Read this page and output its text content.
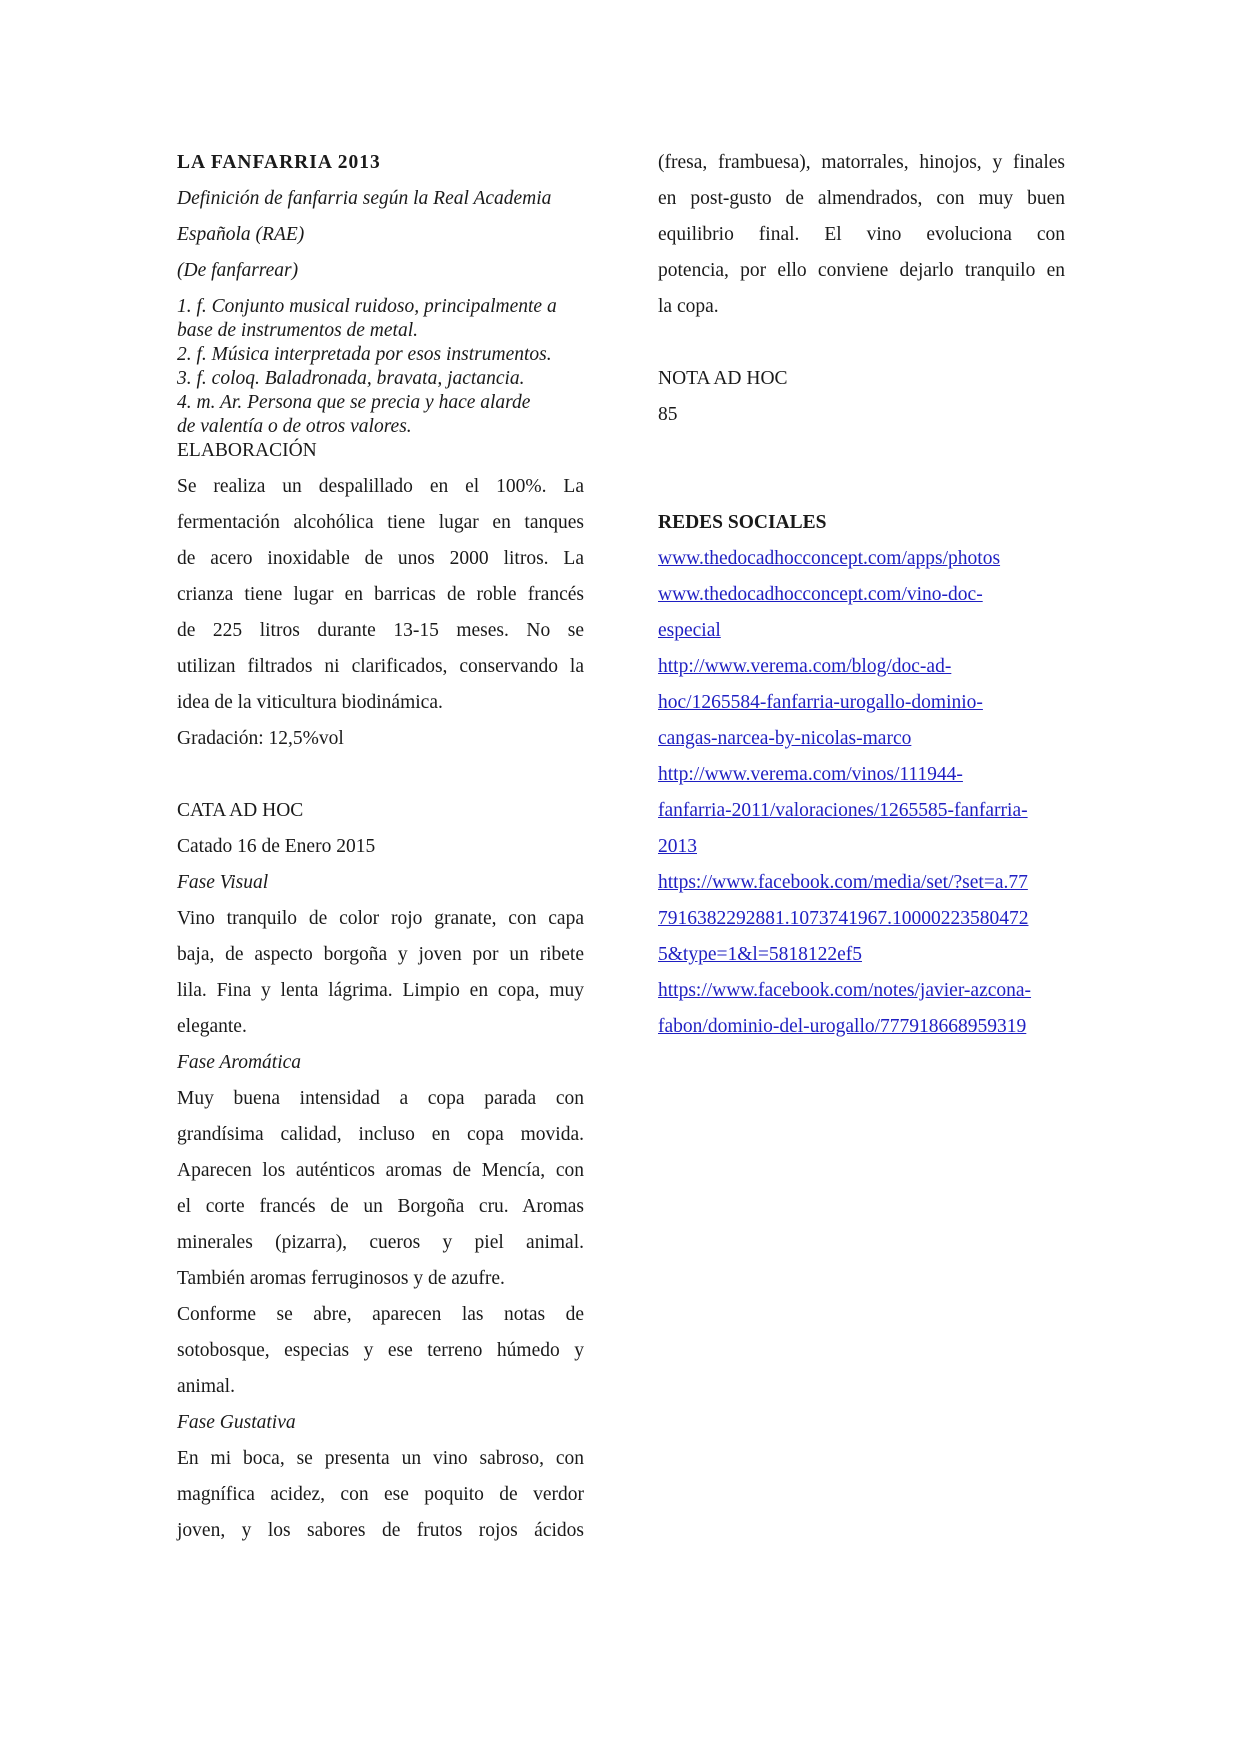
LA FANFARRIA 2013
Definición de fanfarria según la Real Academia
Española (RAE)
(De fanfarrear)
1. f. Conjunto musical ruidoso, principalmente a
base de instrumentos de metal.
2. f. Música interpretada por esos instrumentos.
3. f. coloq. Baladronada, bravata, jactancia.
4. m. Ar. Persona que se precia y hace alarde
de valentía o de otros valores.
ELABORACIÓN
Se realiza un despalillado en el 100%. La
fermentación alcohólica tiene lugar en tanques
de acero inoxidable de unos 2000 litros. La
crianza tiene lugar en barricas de roble francés
de 225 litros durante 13-15 meses. No se
utilizan filtrados ni clarificados, conservando la
idea de la viticultura biodinámica.
Gradación: 12,5%vol
CATA AD HOC
Catado 16 de Enero 2015
Fase Visual
Vino tranquilo de color rojo granate, con capa
baja, de aspecto borgoña y joven por un ribete
lila. Fina y lenta lágrima. Limpio en copa, muy
elegante.
Fase Aromática
Muy buena intensidad a copa parada con
grandísima calidad, incluso en copa movida.
Aparecen los auténticos aromas de Mencía, con
el corte francés de un Borgoña cru. Aromas
minerales (pizarra), cueros y piel animal.
También aromas ferruginosos y de azufre.
Conforme se abre, aparecen las notas de
sotobosque, especias y ese terreno húmedo y
animal.
Fase Gustativa
En mi boca, se presenta un vino sabroso, con
magnífica acidez, con ese poquito de verdor
joven, y los sabores de frutos rojos ácidos
(fresa, frambuesa), matorrales, hinojos, y finales
en post-gusto de almendrados, con muy buen
equilibrio final. El vino evoluciona con
potencia, por ello conviene dejarlo tranquilo en
la copa.
NOTA AD HOC
85
REDES SOCIALES
www.thedocadhocconcept.com/apps/photos
www.thedocadhocconcept.com/vino-doc-
especial
http://www.verema.com/blog/doc-ad-
hoc/1265584-fanfarria-urogallo-dominio-
cangas-narcea-by-nicolas-marco
http://www.verema.com/vinos/111944-
fanfarria-2011/valoraciones/1265585-fanfarria-
2013
https://www.facebook.com/media/set/?set=a.77
7916382292881.1073741967.10000223580472
5&type=1&l=5818122ef5
https://www.facebook.com/notes/javier-azcona-
fabon/dominio-del-urogallo/777918668959319
